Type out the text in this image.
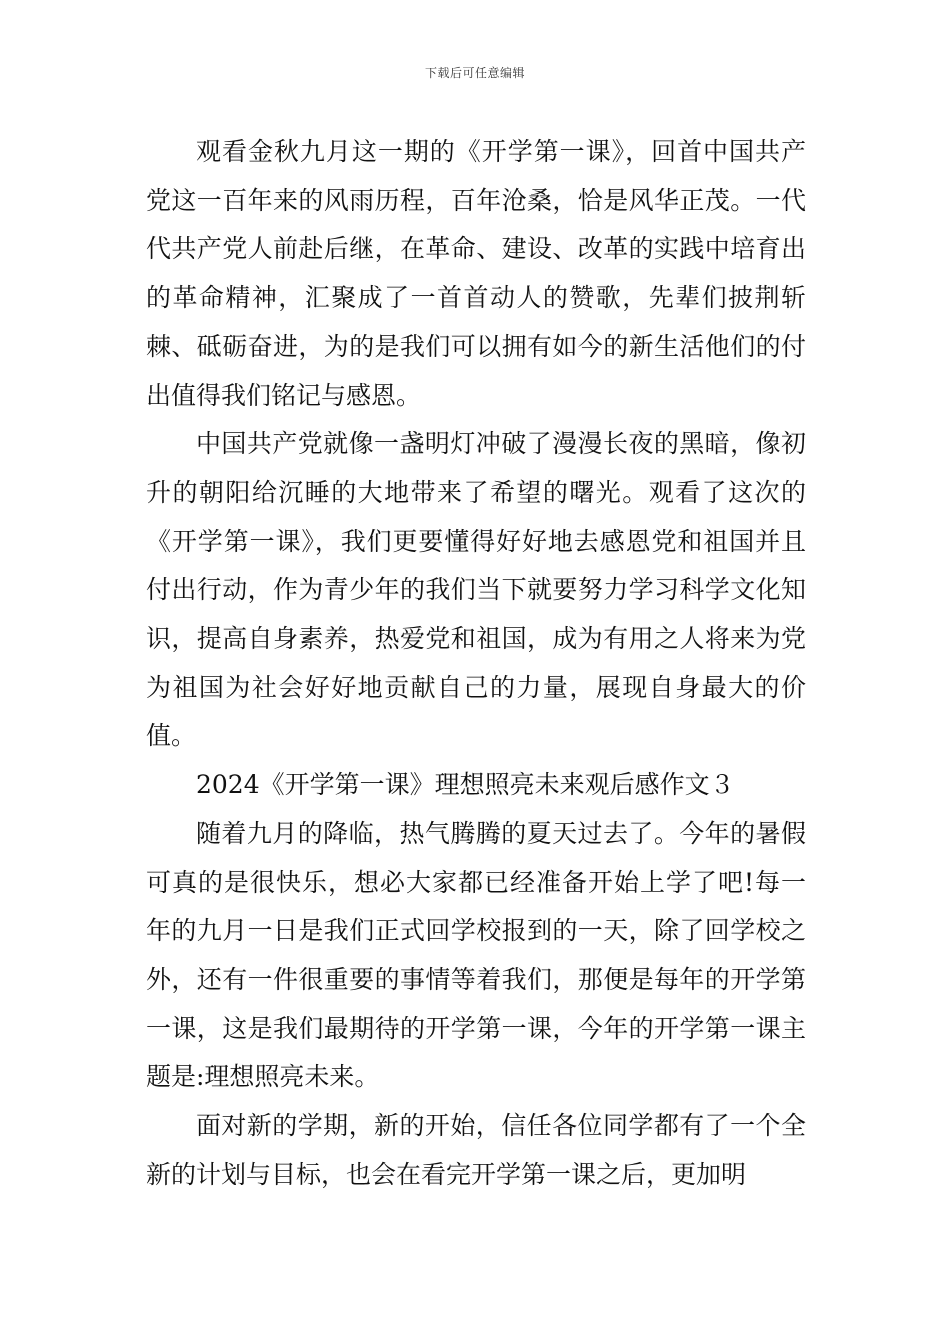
下载后可任意编辑

观看金秋九月这一期的《开学第一课》，回首中国共产党这一百年来的风雨历程，百年沧桑，恰是风华正茂。一代代共产党人前赴后继，在革命、建设、改革的实践中培育出的革命精神，汇聚成了一首首动人的赞歌，先辈们披荆斩棘、砥砺奋进，为的是我们可以拥有如今的新生活他们的付出值得我们铭记与感恩。

中国共产党就像一盏明灯冲破了漫漫长夜的黑暗，像初升的朝阳给沉睡的大地带来了希望的曙光。观看了这次的《开学第一课》，我们更要懂得好好地去感恩党和祖国并且付出行动，作为青少年的我们当下就要努力学习科学文化知识，提高自身素养，热爱党和祖国，成为有用之人将来为党为祖国为社会好好地贡献自己的力量，展现自身最大的价值。

2024《开学第一课》理想照亮未来观后感作文３

随着九月的降临，热气腾腾的夏天过去了。今年的暑假可真的是很快乐，想必大家都已经准备开始上学了吧!每一年的九月一日是我们正式回学校报到的一天，除了回学校之外，还有一件很重要的事情等着我们，那便是每年的开学第一课，这是我们最期待的开学第一课，今年的开学第一课主题是:理想照亮未来。

面对新的学期，新的开始，信任各位同学都有了一个全新的计划与目标，也会在看完开学第一课之后，更加明
